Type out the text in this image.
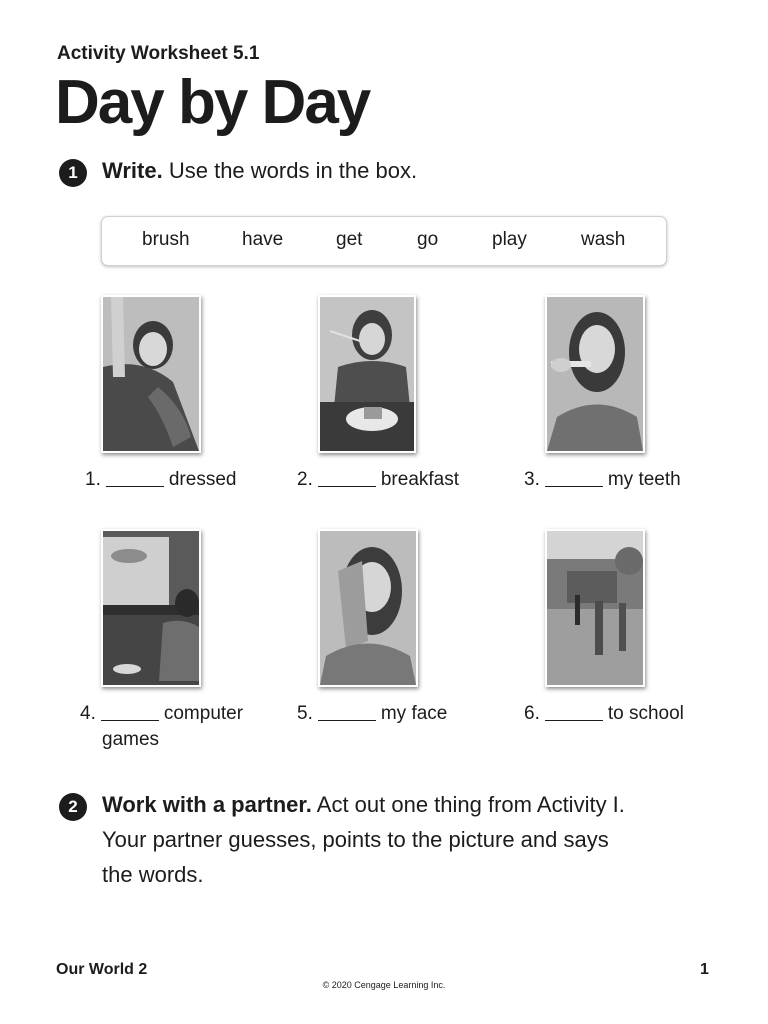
Activity Worksheet 5.1
Day by Day
1	Write. Use the words in the box.
brush	have	get	go	play	wash
1.	dressed	2.	breakfast	3.	my teeth
4.	computer
games
5.	my face	6.	to school
2	Work with a partner. Act out one thing from Activity I.
Your partner guesses, points to the picture and says
the words.
Our World 2	1
© 2020 Cengage Learning Inc.
